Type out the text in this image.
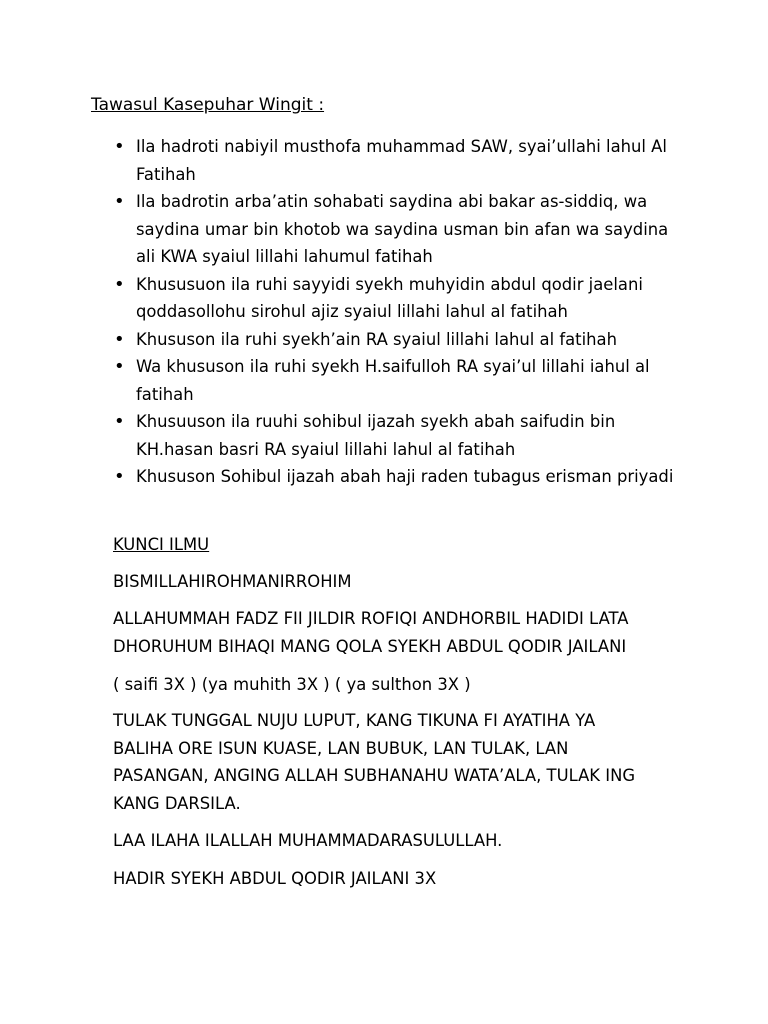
Tawasul Kasepuhar Wingit :
• Ila hadroti nabiyil musthofa muhammad SAW, syai’ullahi lahul Al
Fatihah
• Ila badrotin arba’atin sohabati saydina abi bakar as-siddiq, wa
saydina umar bin khotob wa saydina usman bin afan wa saydina
ali KWA syaiul lillahi lahumul fatihah
• Khususuon ila ruhi sayyidi syekh muhyidin abdul qodir jaelani
qoddasollohu sirohul ajiz syaiul lillahi lahul al fatihah
• Khususon ila ruhi syekh’ain RA syaiul lillahi lahul al fatihah
• Wa khususon ila ruhi syekh H.saifulloh RA syai’ul lillahi iahul al
fatihah
• Khusuuson ila ruuhi sohibul ijazah syekh abah saifudin bin
KH.hasan basri RA syaiul lillahi lahul al fatihah
• Khususon Sohibul ijazah abah haji raden tubagus erisman priyadi
KUNCI ILMU
BISMILLAHIROHMANIRROHIM
ALLAHUMMAH FADZ FII JILDIR ROFIQI ANDHORBIL HADIDI LATA
DHORUHUM BIHAQI MANG QOLA SYEKH ABDUL QODIR JAILANI
( saifi 3X ) (ya muhith 3X ) ( ya sulthon 3X )
TULAK TUNGGAL NUJU LUPUT, KANG TIKUNA FI AYATIHA YA
BALIHA ORE ISUN KUASE, LAN BUBUK, LAN TULAK, LAN
PASANGAN, ANGING ALLAH SUBHANAHU WATA’ALA, TULAK ING
KANG DARSILA.
LAA ILAHA ILALLAH MUHAMMADARASULULLAH.
HADIR SYEKH ABDUL QODIR JAILANI 3X
